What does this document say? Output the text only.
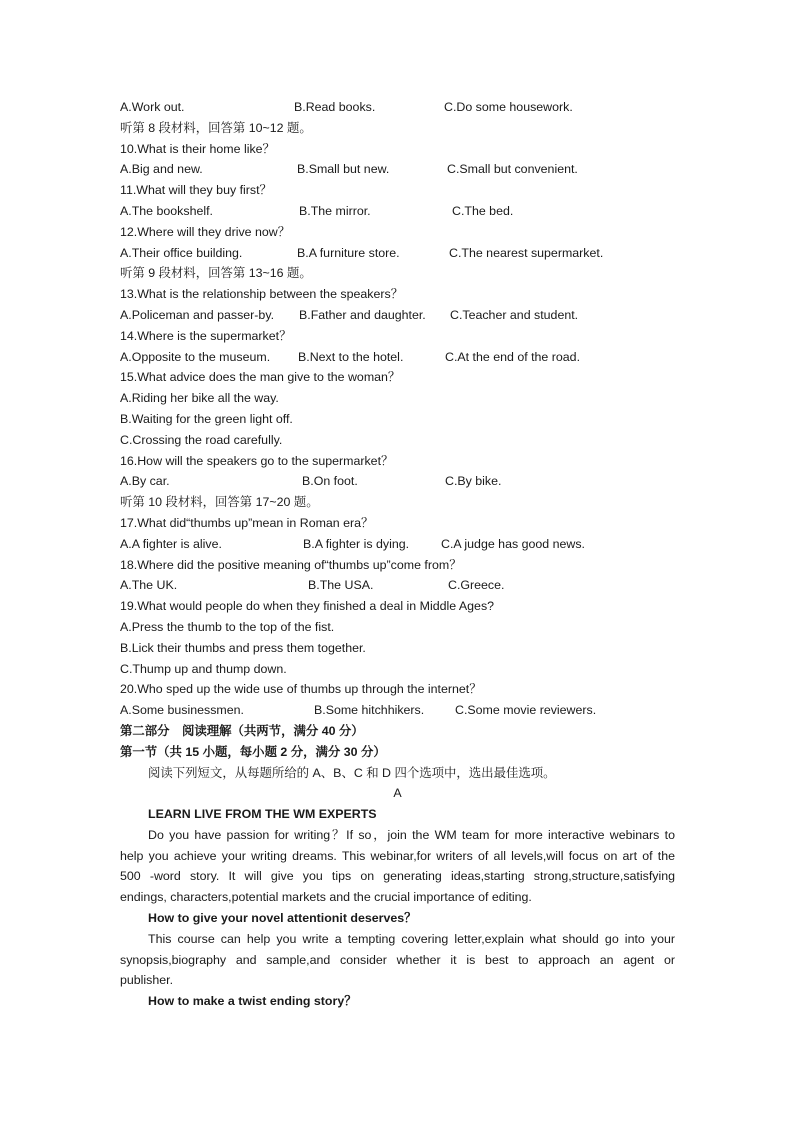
A.Work out.	B.Read books.	C.Do some housework.
听第 8 段材料，回答第 10~12 题。
10.What is their home like？
A.Big and new.	B.Small but new.	C.Small but convenient.
11.What will they buy first？
A.The bookshelf.	B.The mirror.	C.The bed.
12.Where will they drive now？
A.Their office building.	B.A furniture store.	C.The nearest supermarket.
听第 9 段材料，回答第 13~16 题。
13.What is the relationship between the speakers？
A.Policeman and passer-by. B.Father and daughter. C.Teacher and student.
14.Where is the supermarket？
A.Opposite to the museum. B.Next to the hotel.	C.At the end of the road.
15.What advice does the man give to the woman？
A.Riding her bike all the way.
B.Waiting for the green light off.
C.Crossing the road carefully.
16.How will the speakers go to the supermarket？
A.By car.	B.On foot.	C.By bike.
听第 10 段材料，回答第 17~20 题。
17.What did“thumbs up”mean in Roman era？
A.A fighter is alive.	B.A fighter is dying.	C.A judge has good news.
18.Where did the positive meaning of“thumbs up”come from？
A.The UK.	B.The USA.	C.Greece.
19.What would people do when they finished a deal in Middle Ages?
A.Press the thumb to the top of the fist.
B.Lick their thumbs and press them together.
C.Thump up and thump down.
20.Who sped up the wide use of thumbs up through the internet？
A.Some businessmen.	B.Some hitchhikers. C.Some movie reviewers.
第二部分　阅读理解（共两节，满分 40 分）
第一节（共 15 小题，每小题 2 分，满分 30 分）
阅读下列短文，从每题所给的 A、B、C 和 D 四个选项中，选出最佳选项。
A
LEARN LIVE FROM THE WM EXPERTS
Do you have passion for writing？If so，join the WM team for more interactive webinars to
help you achieve your writing dreams. This webinar,for writers of all levels,will focus on art of the
500 -word story. It will give you tips on generating ideas,starting strong,structure,satisfying
endings, characters,potential markets and the crucial importance of editing.
How to give your novel attentionit deserves？
This course can help you write a tempting covering letter,explain what should go into your
synopsis,biography and sample,and consider whether it is best to approach an agent or
publisher.
How to make a twist ending story？
